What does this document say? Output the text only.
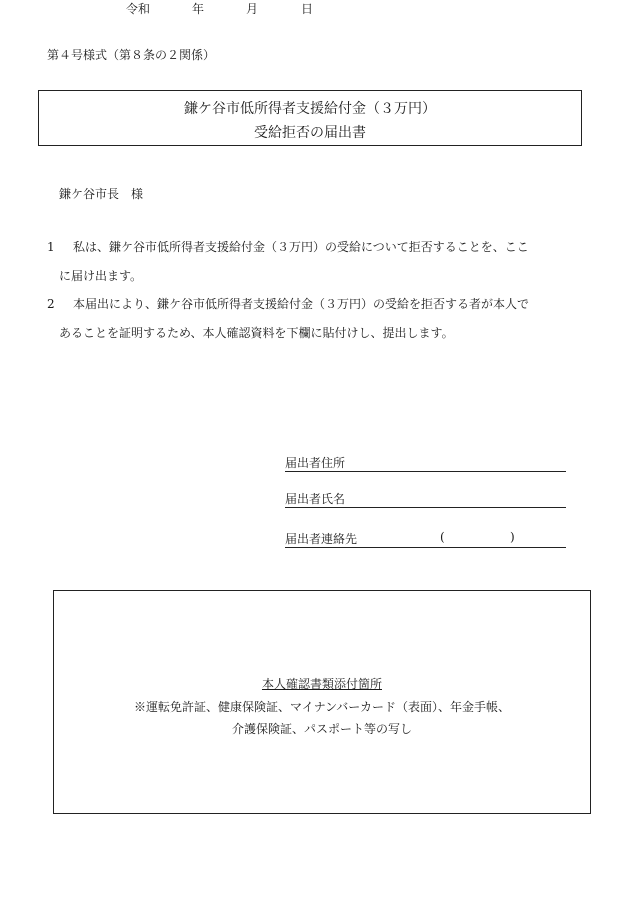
第４号様式（第８条の２関係）
鎌ケ谷市低所得者支援給付金（３万円）
受給拒否の届出書
鎌ケ谷市長　様
1 私は、鎌ケ谷市低所得者支援給付金（３万円）の受給について拒否することを、ここ
に届け出ます。
2 本届出により、鎌ケ谷市低所得者支援給付金（３万円）の受給を拒否する者が本人で
あることを証明するため、本人確認資料を下欄に貼付けし、提出します。
令和	年	月	日
届出者住所
届出者氏名
届出者連絡先	(	)
本人確認書類添付箇所
※運転免許証、健康保険証、マイナンバーカード（表面）、年金手帳、
介護保険証、パスポート等の写し
